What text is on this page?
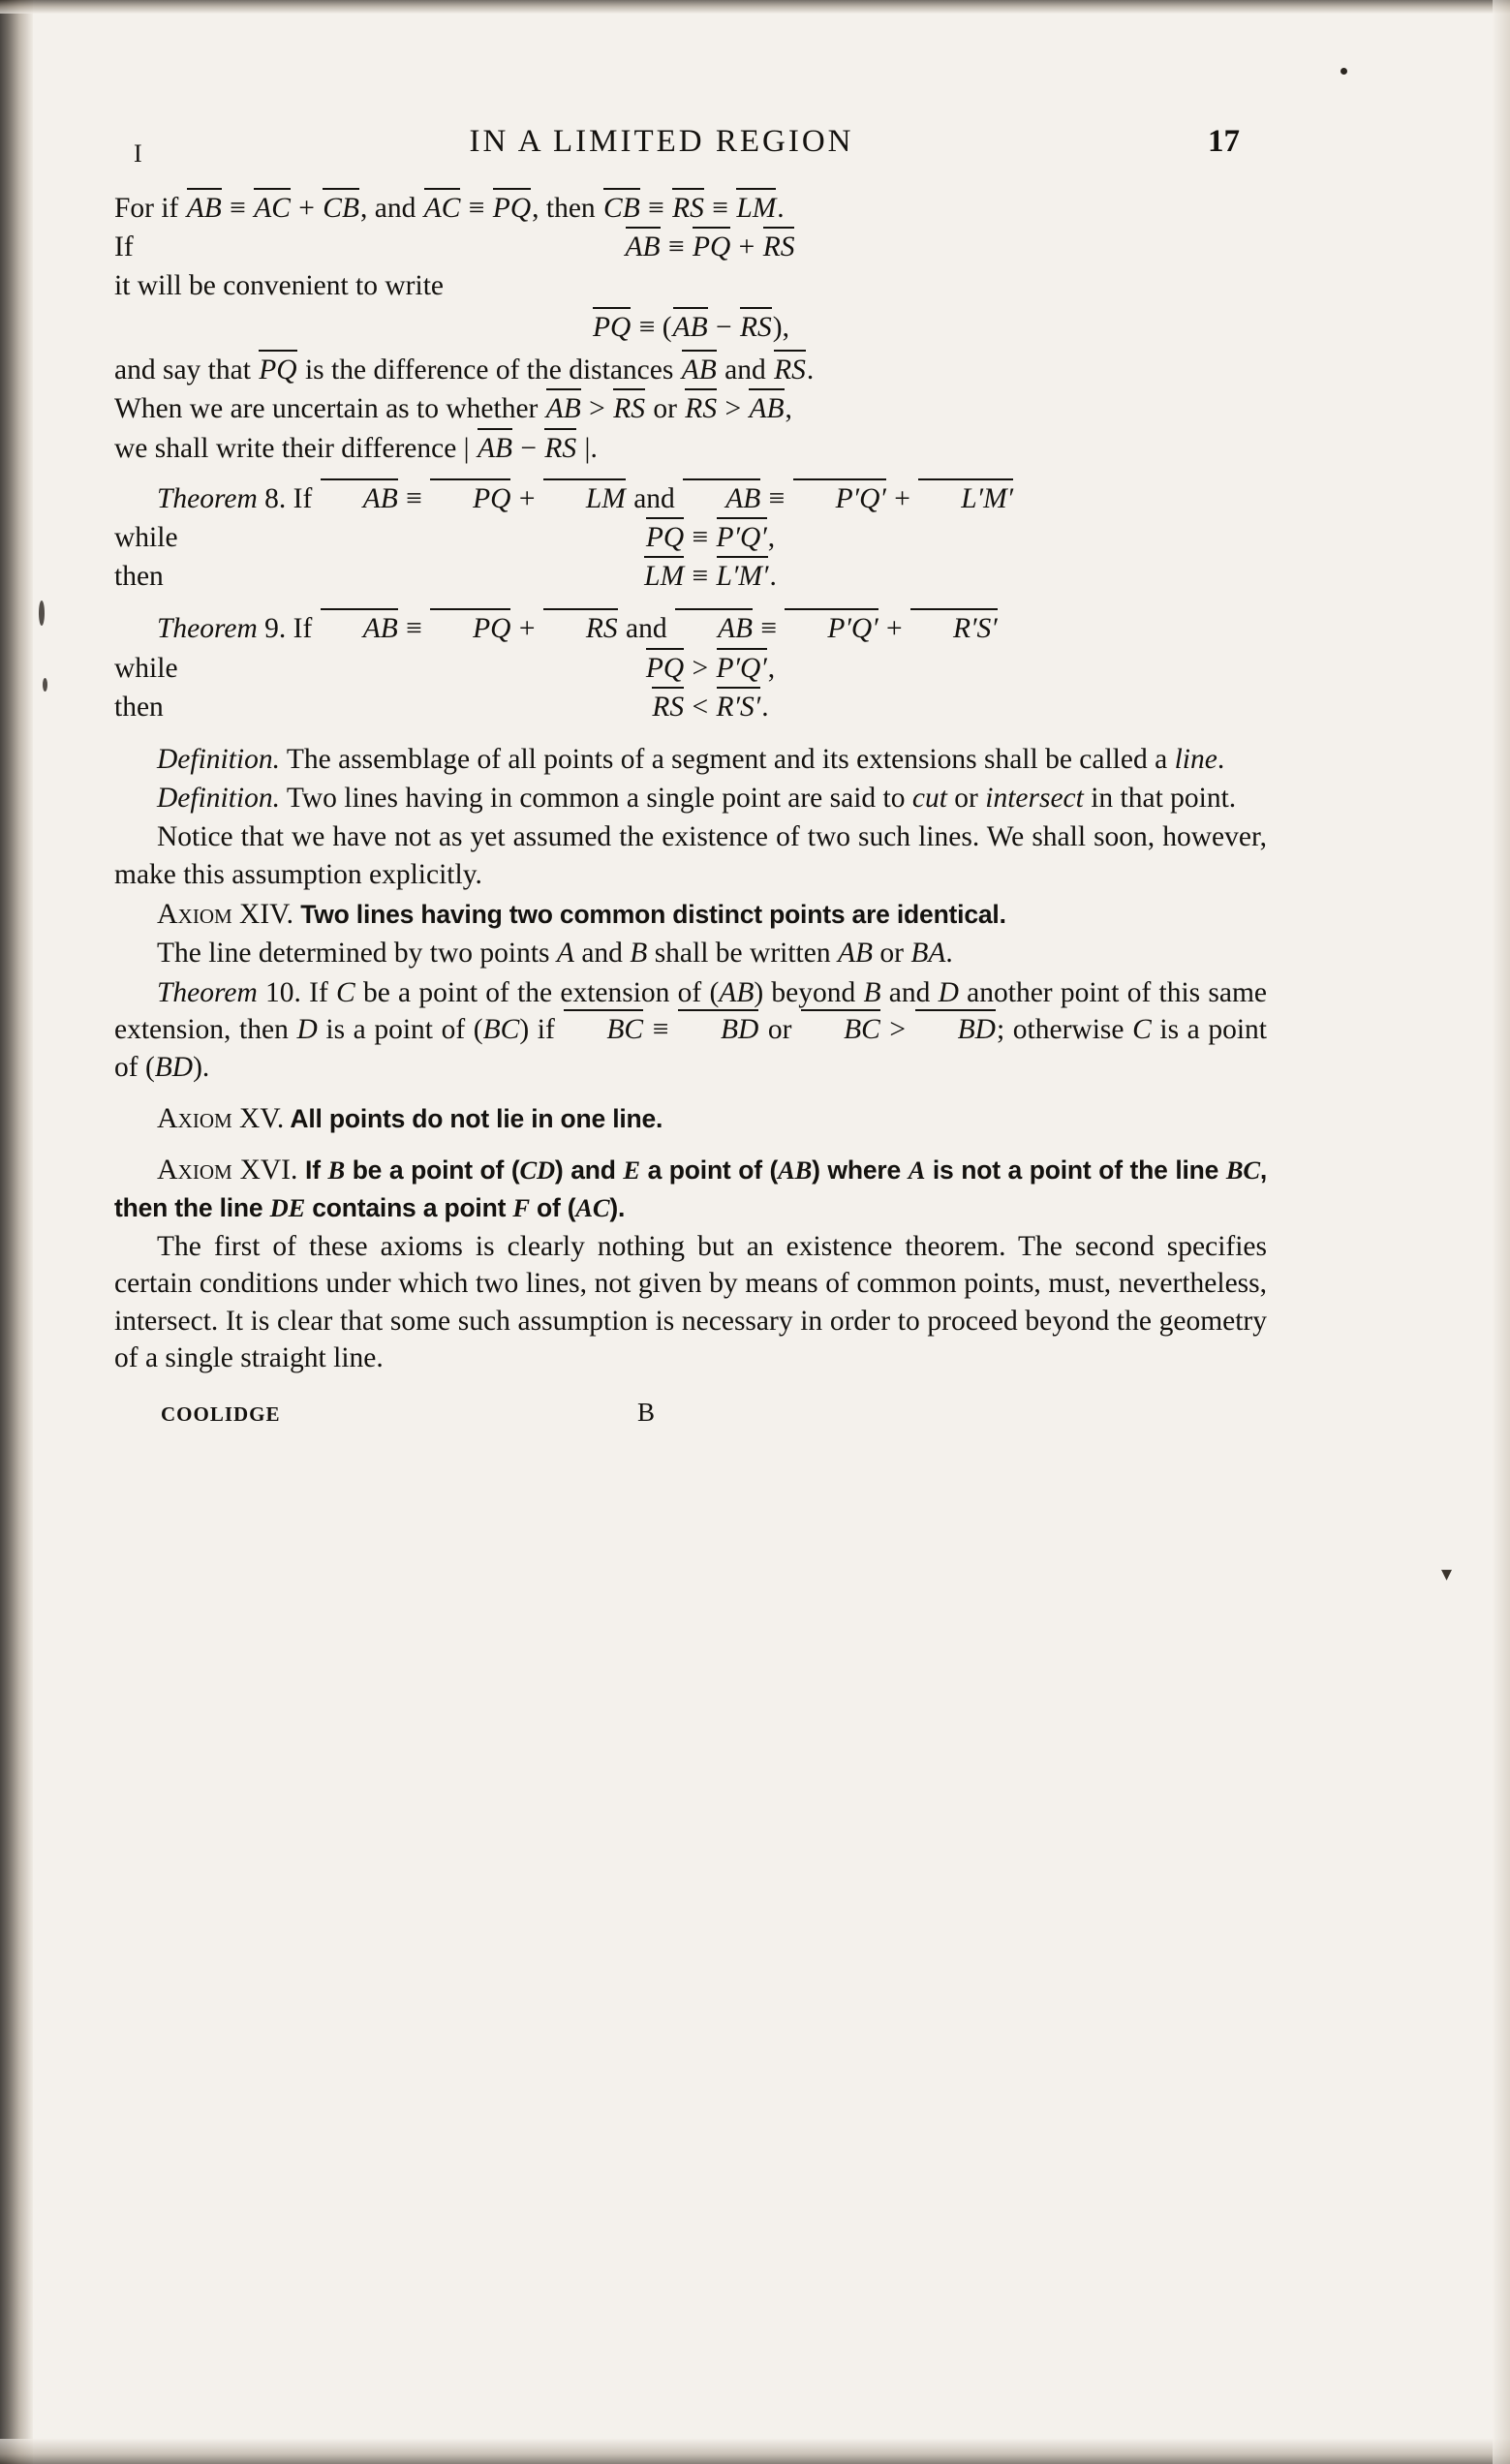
I	IN A LIMITED REGION	17

For if AB ≡ AC + CB, and AC ≡ PQ, then CB ≡ RS ≡ LM.

If	AB ≡ PQ + RS

it will be convenient to write

PQ ≡ (AB − RS),

and say that PQ is the difference of the distances AB and RS.

When we are uncertain as to whether AB > RS or RS > AB,

we shall write their difference | AB − RS |.

Theorem 8. If AB ≡ PQ + LM and AB ≡ P′Q′ + L′M′

while	PQ ≡ P′Q′,
then	LM ≡ L′M′.

Theorem 9. If AB ≡ PQ + RS and AB ≡ P′Q′ + R′S′

while	PQ > P′Q′,
then	RS < R′S′.

Definition. The assemblage of all points of a segment and its extensions shall be called a line.

Definition. Two lines having in common a single point are said to cut or intersect in that point.

Notice that we have not as yet assumed the existence of two such lines. We shall soon, however, make this assumption explicitly.

Axiom XIV. Two lines having two common distinct points are identical.

The line determined by two points A and B shall be written AB or BA.

Theorem 10. If C be a point of the extension of (AB) beyond B and D another point of this same extension, then D is a point of (BC) if BC ≡ BD or BC > BD; otherwise C is a point of (BD).

Axiom XV. All points do not lie in one line.

Axiom XVI. If B be a point of (CD) and E a point of (AB) where A is not a point of the line BC, then the line DE contains a point F of (AC).

The first of these axioms is clearly nothing but an existence theorem. The second specifies certain conditions under which two lines, not given by means of common points, must, nevertheless, intersect. It is clear that some such assumption is necessary in order to proceed beyond the geometry of a single straight line.

COOLIDGE	B
▾
